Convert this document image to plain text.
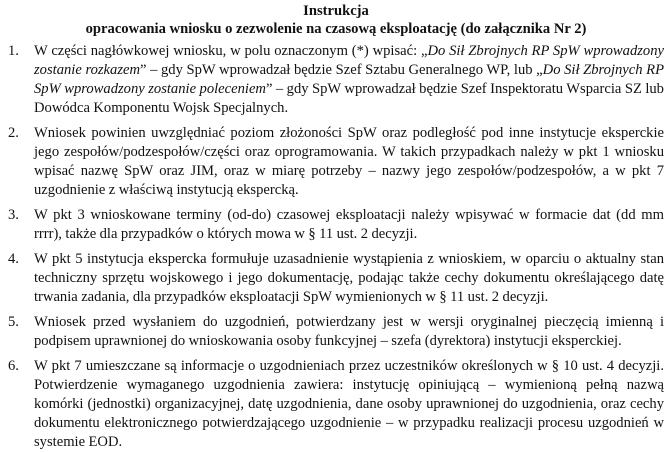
Instrukcja
opracowania wniosku o zezwolenie na czasową eksploatację (do załącznika Nr 2)
1.	W części nagłówkowej wniosku, w polu oznaczonym (*) wpisać: „Do Sił Zbrojnych RP SpW wprowadzony zostanie rozkazem” – gdy SpW wprowadzał będzie Szef Sztabu Generalnego WP, lub „Do Sił Zbrojnych RP SpW wprowadzony zostanie poleceniem” – gdy SpW wprowadzał będzie Szef Inspektoratu Wsparcia SZ lub Dowódca Komponentu Wojsk Specjalnych.
2.	Wniosek powinien uwzględniać poziom złożoności SpW oraz podległość pod inne instytucje eksperckie jego zespołów/podzespołów/części oraz oprogramowania. W takich przypadkach należy w pkt 1 wniosku wpisać nazwę SpW oraz JIM, oraz w miarę potrzeby – nazwy jego zespołów/podzespołów, a w pkt 7 uzgodnienie z właściwą instytucją ekspercką.
3.	W pkt 3 wnioskowane terminy (od-do) czasowej eksploatacji należy wpisywać w formacie dat (dd mm rrrr), także dla przypadków o których mowa w § 11 ust. 2 decyzji.
4.	W pkt 5 instytucja ekspercka formułuje uzasadnienie wystąpienia z wnioskiem, w oparciu o aktualny stan techniczny sprzętu wojskowego i jego dokumentację, podając także cechy dokumentu określającego datę trwania zadania, dla przypadków eksploatacji SpW wymienionych w § 11 ust. 2 decyzji.
5.	Wniosek przed wysłaniem do uzgodnień, potwierdzany jest w wersji oryginalnej pieczęcią imienną i podpisem uprawnionej do wnioskowania osoby funkcyjnej – szefa (dyrektora) instytucji eksperckiej.
6.	W pkt 7 umieszczane są informacje o uzgodnieniach przez uczestników określonych w § 10 ust. 4 decyzji. Potwierdzenie wymaganego uzgodnienia zawiera: instytucję opiniującą – wymienioną pełną nazwą komórki (jednostki) organizacyjnej, datę uzgodnienia, dane osoby uprawnionej do uzgodnienia, oraz cechy dokumentu elektronicznego potwierdzającego uzgodnienie – w przypadku realizacji procesu uzgodnień w systemie EOD.
